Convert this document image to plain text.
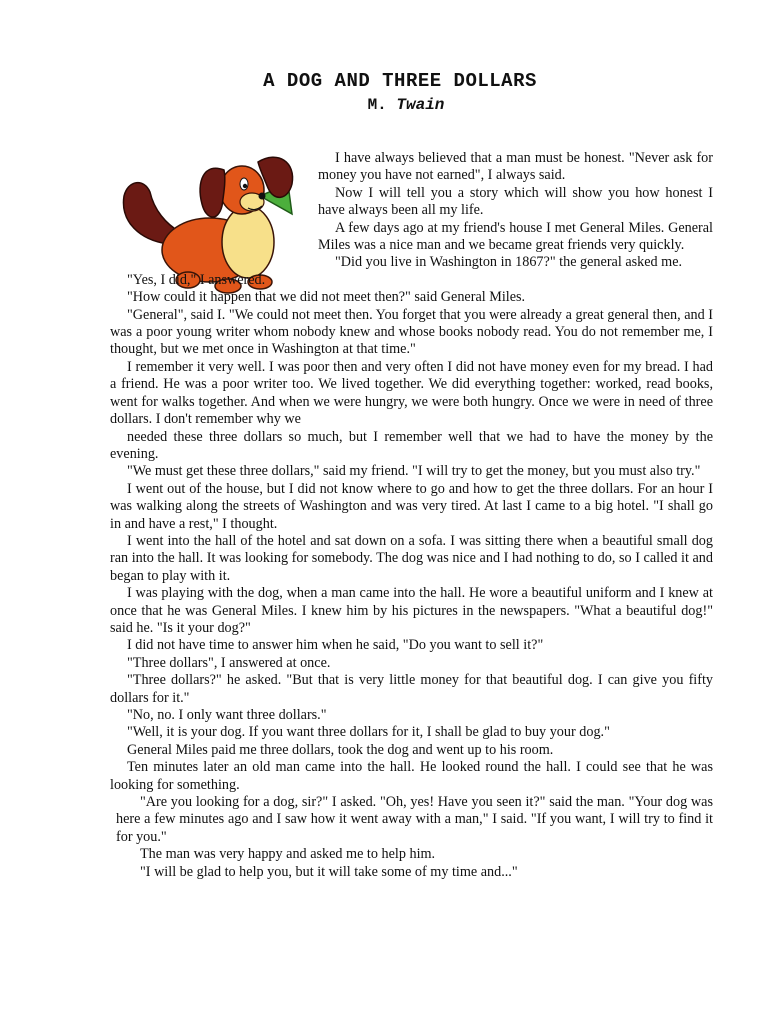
A DOG AND THREE DOLLARS
M. Twain

I have always believed that a man must be honest. "Never ask for money you have not earned", I always said.

Now I will tell you a story which will show you how honest I have always been all my life.

A few days ago at my friend's house I met General Miles. General Miles was a nice man and we became great friends very quickly.

"Did you live in Washington in 1867?" the general asked me.

"Yes, I did," I answered.

"How could it happen that we did not meet then?" said General Miles.

"General", said I. "We could not meet then. You forget that you were already a great general then, and I was a poor young writer whom nobody knew and whose books nobody read. You do not remember me, I thought, but we met once in Washington at that time."

I remember it very well. I was poor then and very often I did not have money even for my bread. I had a friend. He was a poor writer too. We lived together. We did everything together: worked, read books, went for walks together. And when we were hungry, we were both hungry. Once we were in need of three dollars. I don't remember why we

needed these three dollars so much, but I remember well that we had to have the money by the evening.

"We must get these three dollars," said my friend. "I will try to get the money, but you must also try."

I went out of the house, but I did not know where to go and how to get the three dollars. For an hour I was walking along the streets of Washington and was very tired. At last I came to a big hotel. "I shall go in and have a rest," I thought.

I went into the hall of the hotel and sat down on a sofa. I was sitting there when a beautiful small dog ran into the hall. It was looking for somebody. The dog was nice and I had nothing to do, so I called it and began to play with it.

I was playing with the dog, when a man came into the hall. He wore a beautiful uniform and I knew at once that he was General Miles. I knew him by his pictures in the newspapers. "What a beautiful dog!" said he. "Is it your dog?"

I did not have time to answer him when he said, "Do you want to sell it?"

"Three dollars", I answered at once.

"Three dollars?" he asked. "But that is very little money for that beautiful dog. I can give you fifty dollars for it."

"No, no. I only want three dollars."

"Well, it is your dog. If you want three dollars for it, I shall be glad to buy your dog."

General Miles paid me three dollars, took the dog and went up to his room.

Ten minutes later an old man came into the hall. He looked round the hall. I could see that he was looking for something.

"Are you looking for a dog, sir?" I asked. "Oh, yes! Have you seen it?" said the man. "Your dog was here a few minutes ago and I saw how it went away with a man," I said. "If you want, I will try to find it for you."

The man was very happy and asked me to help him.

"I will be glad to help you, but it will take some of my time and..."
